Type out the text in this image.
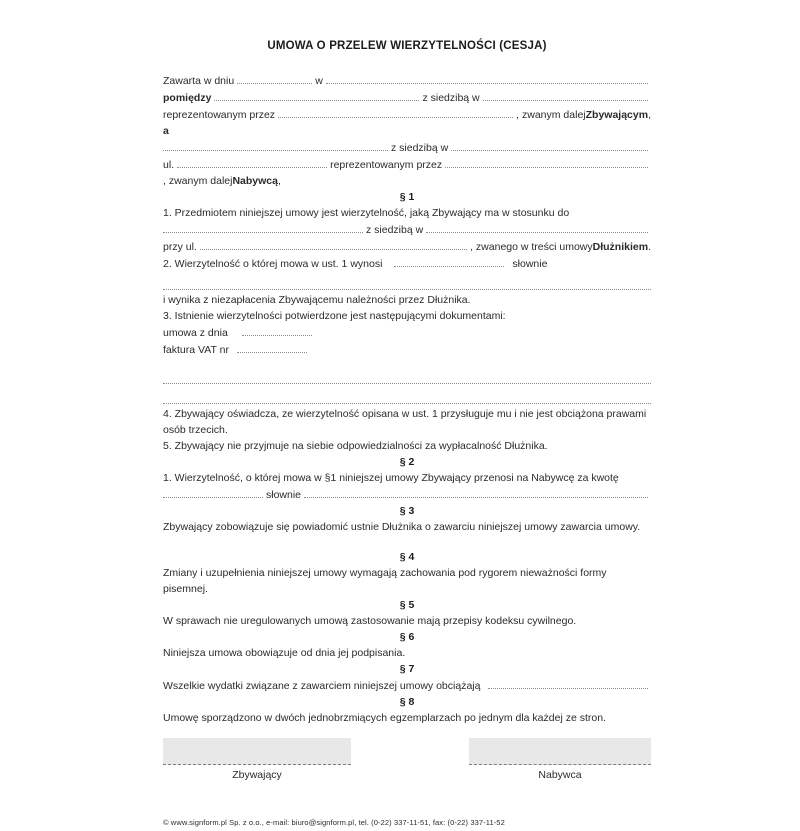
UMOWA O PRZELEW WIERZYTELNOŚCI (CESJA)
Zawarta w dniu	w
pomiędzy	z siedzibą w
reprezentowanym przez	, zwanym dalej Zbywającym ,
a
z siedzibą w
ul.	reprezentowanym przez
, zwanym dalej Nabywcą ,
§ 1

1. Przedmiotem niniejszej umowy jest wierzytelność, jaką Zbywający ma w stosunku do

z siedzibą w
przy ul.	, zwanego w treści umowy Dłużnikiem .
2. Wierzytelność o której mowa w ust. 1 wynosi	słownie

i wynika z niezapłacenia Zbywającemu należności przez Dłużnika.

3. Istnienie wierzytelności potwierdzone jest następującymi dokumentami:

umowa z dnia
faktura VAT nr

4. Zbywający oświadcza, ze wierzytelność opisana w ust. 1 przysługuje mu i nie jest obciążona prawami osób trzecich.

5. Zbywający nie przyjmuje na siebie odpowiedzialności za wypłacalność Dłużnika.

§ 2

1. Wierzytelność, o której mowa w §1 niniejszej umowy Zbywający przenosi na Nabywcę za kwotę

słownie
§ 3

Zbywający zobowiązuje się powiadomić ustnie Dłużnika o zawarciu niniejszej umowy zawarcia umowy.

§ 4

Zmiany i uzupełnienia niniejszej umowy wymagają zachowania pod rygorem nieważności formy pisemnej.

§ 5

W sprawach nie uregulowanych umową zastosowanie mają przepisy kodeksu cywilnego.

§ 6

Niniejsza umowa obowiązuje od dnia jej podpisania.

§ 7
Wszelkie wydatki związane z zawarciem niniejszej umowy obciążają
§ 8

Umowę sporządzono w dwóch jednobrzmiących egzemplarzach po jednym dla każdej ze stron.

Zbywający	Nabywca
© www.signform.pl Sp. z o.o., e-mail: biuro@signform.pl, tel. (0-22) 337-11-51, fax: (0-22) 337-11-52
